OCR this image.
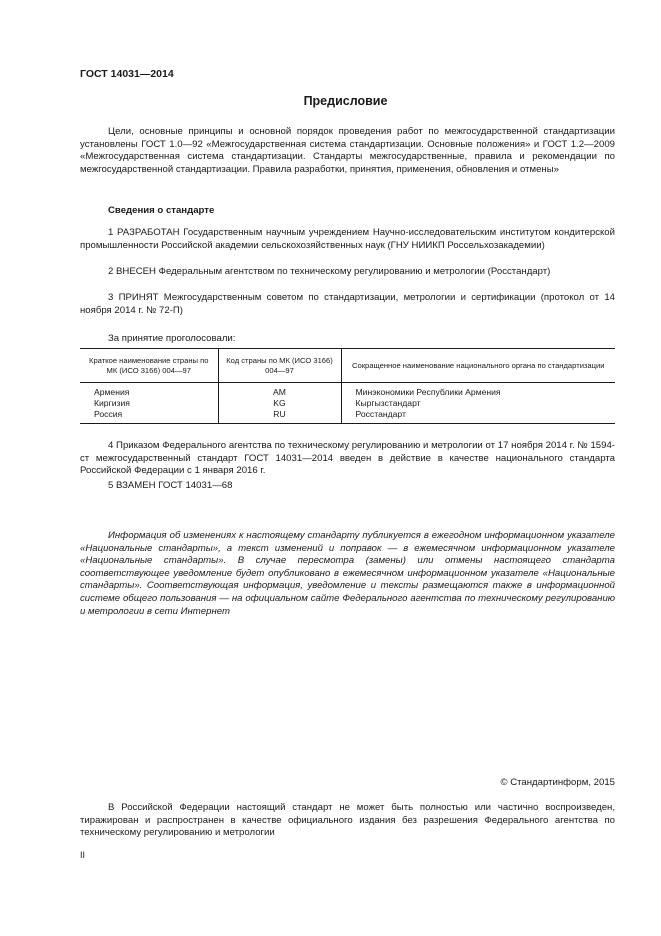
ГОСТ 14031—2014
Предисловие
Цели, основные принципы и основной порядок проведения работ по межгосударственной стандартизации установлены ГОСТ 1.0—92 «Межгосударственная система стандартизации. Основные положения» и ГОСТ 1.2—2009 «Межгосударственная система стандартизации. Стандарты межгосударственные, правила и рекомендации по межгосударственной стандартизации. Правила разработки, принятия, применения, обновления и отмены»
Сведения о стандарте
1 РАЗРАБОТАН Государственным научным учреждением Научно-исследовательским институтом кондитерской промышленности Российской академии сельскохозяйственных наук (ГНУ НИИКП Россельхозакадемии)
2 ВНЕСЕН Федеральным агентством по техническому регулированию и метрологии (Росстандарт)
3 ПРИНЯТ Межгосударственным советом по стандартизации, метрологии и сертификации (протокол от 14 ноября 2014 г. № 72-П)
За принятие проголосовали:
Краткое наименование страны по МК (ИСО 3166) 004—97	Код страны по МК (ИСО 3166) 004—97	Сокращенное наименование национального органа по стандартизации
Армения	AM	Минэкономики Республики Армения
Киргизия	KG	Кыргызстандарт
Россия	RU	Росстандарт
4 Приказом Федерального агентства по техническому регулированию и метрологии от 17 ноября 2014 г. № 1594-ст межгосударственный стандарт ГОСТ 14031—2014 введен в действие в качестве национального стандарта Российской Федерации с 1 января 2016 г.
5 ВЗАМЕН ГОСТ 14031—68
Информация об изменениях к настоящему стандарту публикуется в ежегодном информационном указателе «Национальные стандарты», а текст изменений и поправок — в ежемесячном информационном указателе «Национальные стандарты». В случае пересмотра (замены) или отмены настоящего стандарта соответствующее уведомление будет опубликовано в ежемесячном информационном указателе «Национальные стандарты». Соответствующая информация, уведомление и тексты размещаются также в информационной системе общего пользования — на официальном сайте Федерального агентства по техническому регулированию и метрологии в сети Интернет
© Стандартинформ, 2015
В Российской Федерации настоящий стандарт не может быть полностью или частично воспроизведен, тиражирован и распространен в качестве официального издания без разрешения Федерального агентства по техническому регулированию и метрологии
II
